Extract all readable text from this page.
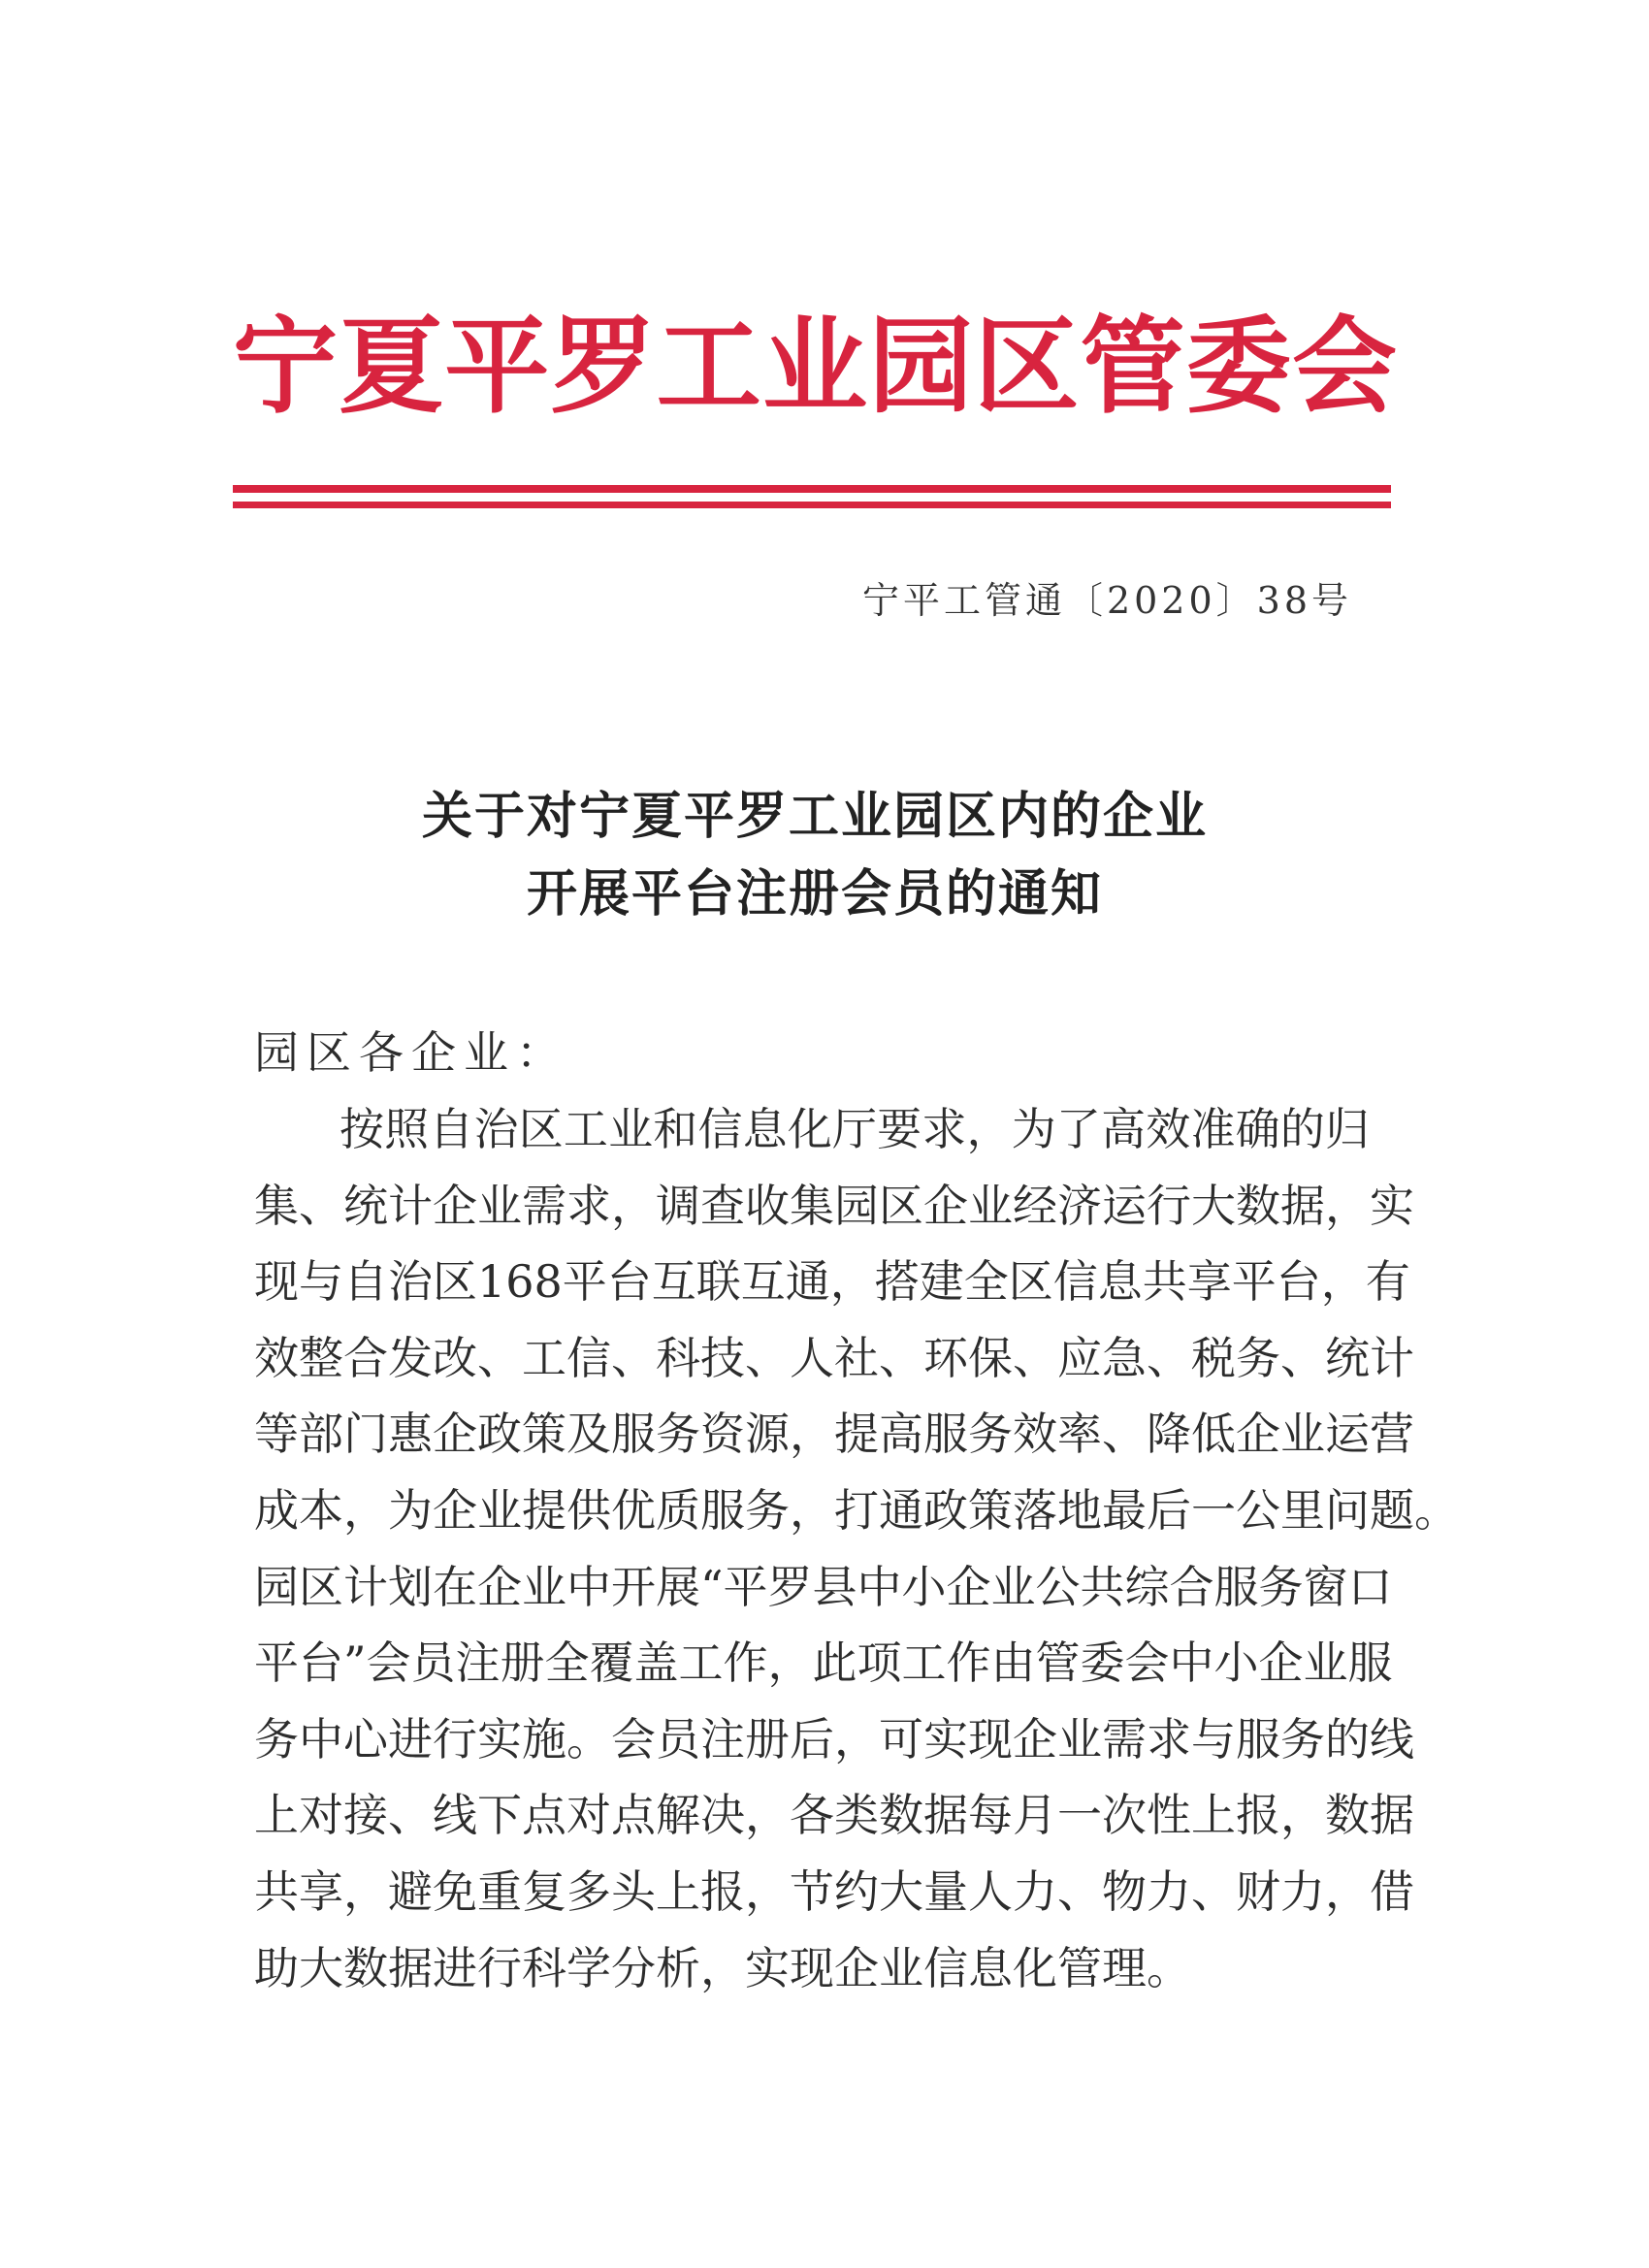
宁夏平罗工业园区管委会
宁平工管通〔2020〕38号
关于对宁夏平罗工业园区内的企业
开展平台注册会员的通知
园区各企业：
按照自治区工业和信息化厅要求，为了高效准确的归
集、统计企业需求，调查收集园区企业经济运行大数据，实
现与自治区168平台互联互通，搭建全区信息共享平台，有
效整合发改、工信、科技、人社、环保、应急、税务、统计
等部门惠企政策及服务资源，提高服务效率、降低企业运营
成本，为企业提供优质服务，打通政策落地最后一公里问题。
园区计划在企业中开展“平罗县中小企业公共综合服务窗口
平台”会员注册全覆盖工作，此项工作由管委会中小企业服
务中心进行实施。会员注册后，可实现企业需求与服务的线
上对接、线下点对点解决，各类数据每月一次性上报，数据
共享，避免重复多头上报，节约大量人力、物力、财力，借
助大数据进行科学分析，实现企业信息化管理。
